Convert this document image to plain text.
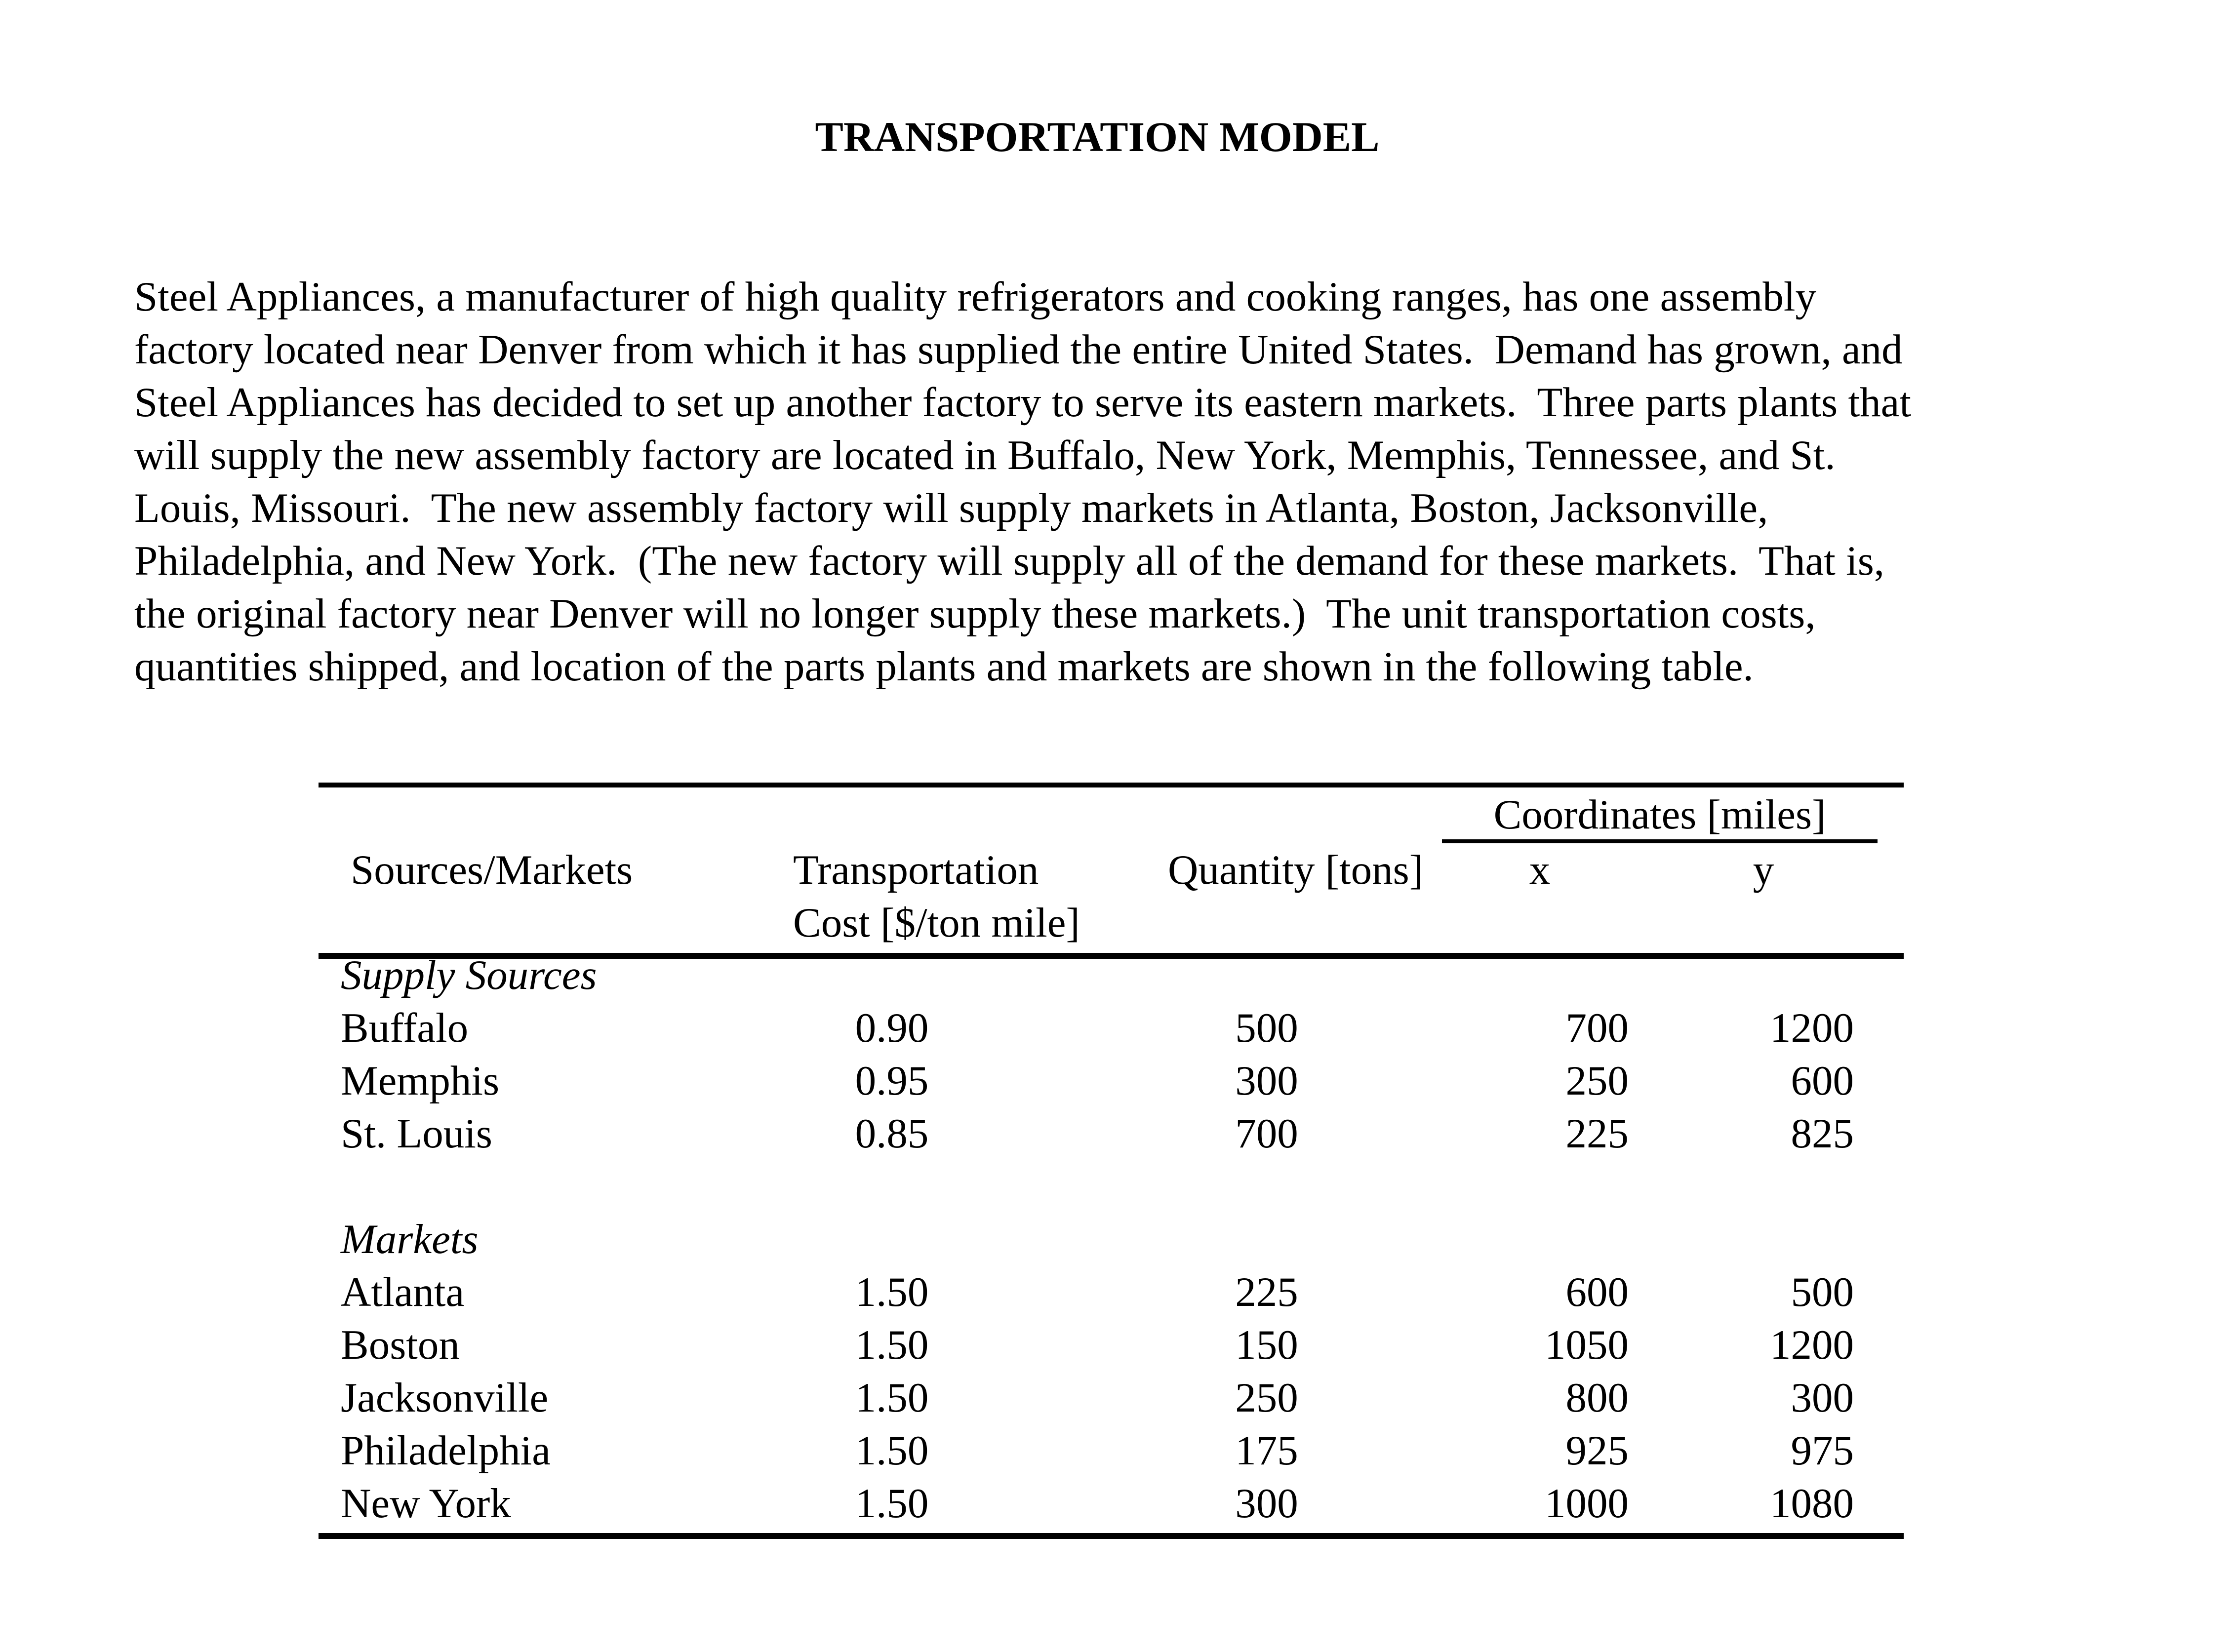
TRANSPORTATION MODEL
Steel Appliances, a manufacturer of high quality refrigerators and cooking ranges, has one assembly
factory located near Denver from which it has supplied the entire United States.  Demand has grown, and
Steel Appliances has decided to set up another factory to serve its eastern markets.  Three parts plants that
will supply the new assembly factory are located in Buffalo, New York, Memphis, Tennessee, and St.
Louis, Missouri.  The new assembly factory will supply markets in Atlanta, Boston, Jacksonville,
Philadelphia, and New York.  (The new factory will supply all of the demand for these markets.  That is,
the original factory near Denver will no longer supply these markets.)  The unit transportation costs,
quantities shipped, and location of the parts plants and markets are shown in the following table.
Coordinates [miles]
Sources/Markets	Transportation	Quantity [tons]	x	y
Cost [$/ton mile]
Supply Sources
Buffalo	0.90	500	700	1200
Memphis	0.95	300	250	600
St. Louis	0.85	700	225	825
Markets
Atlanta	1.50	225	600	500
Boston	1.50	150	1050	1200
Jacksonville	1.50	250	800	300
Philadelphia	1.50	175	925	975
New York	1.50	300	1000	1080
